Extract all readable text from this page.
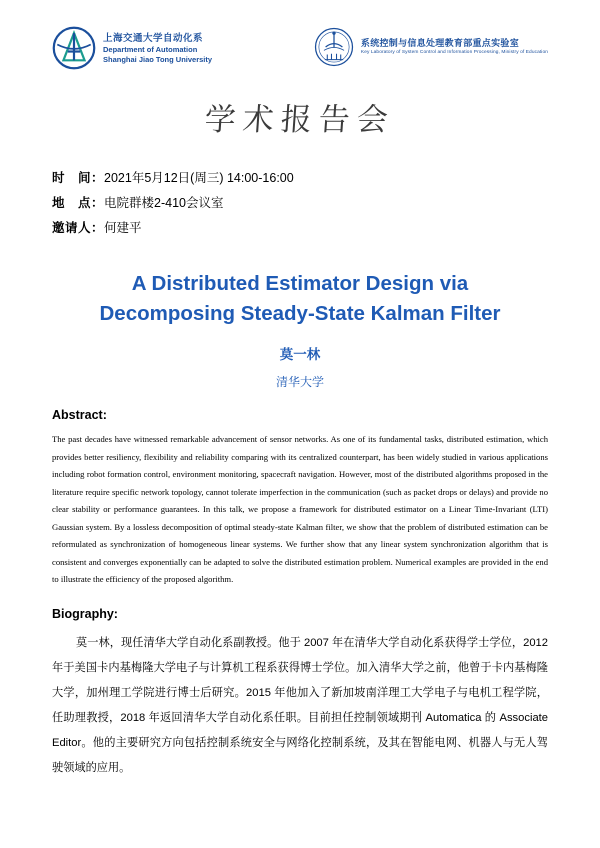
上海交通大学自动化系
Department of Automation
Shanghai Jiao Tong University
系统控制与信息处理教育部重点实验室
Key Laboratory of System Control and Information Processing, Ministry of Education
学术报告会
时　间：2021年5月12日(周三) 14:00-16:00
地　点：电院群楼2-410会议室
邀请人：何建平
A Distributed Estimator Design via
Decomposing Steady-State Kalman Filter
莫一林
清华大学
Abstract:
The past decades have witnessed remarkable advancement of sensor networks. As one of its fundamental tasks, distributed estimation, which provides better resiliency, flexibility and reliability comparing with its centralized counterpart, has been widely studied in various applications including robot formation control, environment monitoring, spacecraft navigation. However, most of the distributed algorithms proposed in the literature require specific network topology, cannot tolerate imperfection in the communication (such as packet drops or delays) and provide no clear stability or performance guarantees. In this talk, we propose a framework for distributed estimator on a Linear Time-Invariant (LTI) Gaussian system. By a lossless decomposition of optimal steady-state Kalman filter, we show that the problem of distributed estimation can be reformulated as synchronization of homogeneous linear systems. We further show that any linear system synchronization algorithm that is consistent and converges exponentially can be adapted to solve the distributed estimation problem. Numerical examples are provided in the end to illustrate the efficiency of the proposed algorithm.
Biography:
莫一林，现任清华大学自动化系副教授。他于 2007 年在清华大学自动化系获得学士学位，2012 年于美国卡内基梅隆大学电子与计算机工程系获得博士学位。加入清华大学之前，他曾于卡内基梅隆大学，加州理工学院进行博士后研究。2015 年他加入了新加坡南洋理工大学电子与电机工程学院，任助理教授，2018 年返回清华大学自动化系任职。目前担任控制领域期刊 Automatica 的 Associate Editor。他的主要研究方向包括控制系统安全与网络化控制系统，及其在智能电网、机器人与无人驾驶领域的应用。
